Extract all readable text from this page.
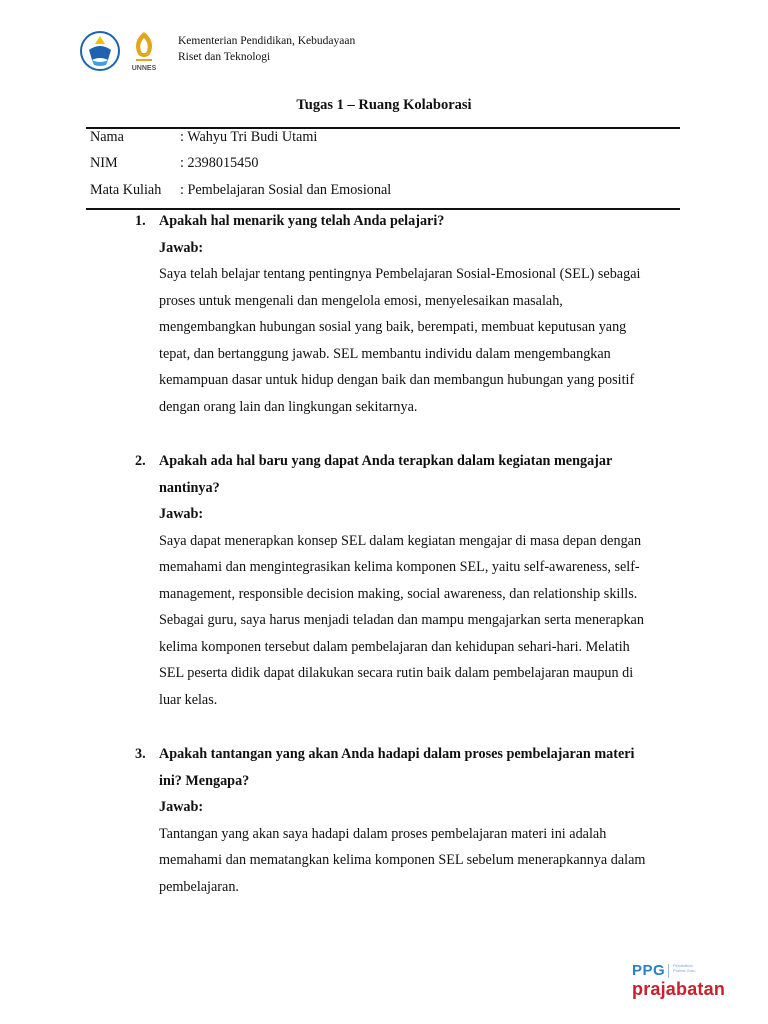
UNNES
Kementerian Pendidikan, Kebudayaan
Riset dan Teknologi
Tugas 1 – Ruang Kolaborasi
Nama	: Wahyu Tri Budi Utami
NIM	: 2398015450
Mata Kuliah : Pembelajaran Sosial dan Emosional
1. Apakah hal menarik yang telah Anda pelajari?
Jawab:
Saya telah belajar tentang pentingnya Pembelajaran Sosial-Emosional (SEL) sebagai
proses untuk mengenali dan mengelola emosi, menyelesaikan masalah,
mengembangkan hubungan sosial yang baik, berempati, membuat keputusan yang
tepat, dan bertanggung jawab. SEL membantu individu dalam mengembangkan
kemampuan dasar untuk hidup dengan baik dan membangun hubungan yang positif
dengan orang lain dan lingkungan sekitarnya.
2. Apakah ada hal baru yang dapat Anda terapkan dalam kegiatan mengajar
nantinya?
Jawab:
Saya dapat menerapkan konsep SEL dalam kegiatan mengajar di masa depan dengan
memahami dan mengintegrasikan kelima komponen SEL, yaitu self-awareness, self-
management, responsible decision making, social awareness, dan relationship skills.
Sebagai guru, saya harus menjadi teladan dan mampu mengajarkan serta menerapkan
kelima komponen tersebut dalam pembelajaran dan kehidupan sehari-hari. Melatih
SEL peserta didik dapat dilakukan secara rutin baik dalam pembelajaran maupun di
luar kelas.
3. Apakah tantangan yang akan Anda hadapi dalam proses pembelajaran materi
ini? Mengapa?
Jawab:
Tantangan yang akan saya hadapi dalam proses pembelajaran materi ini adalah
memahami dan mematangkan kelima komponen SEL sebelum menerapkannya dalam
pembelajaran.
PPG Pendidikan Profesi Guru
prajabatan
